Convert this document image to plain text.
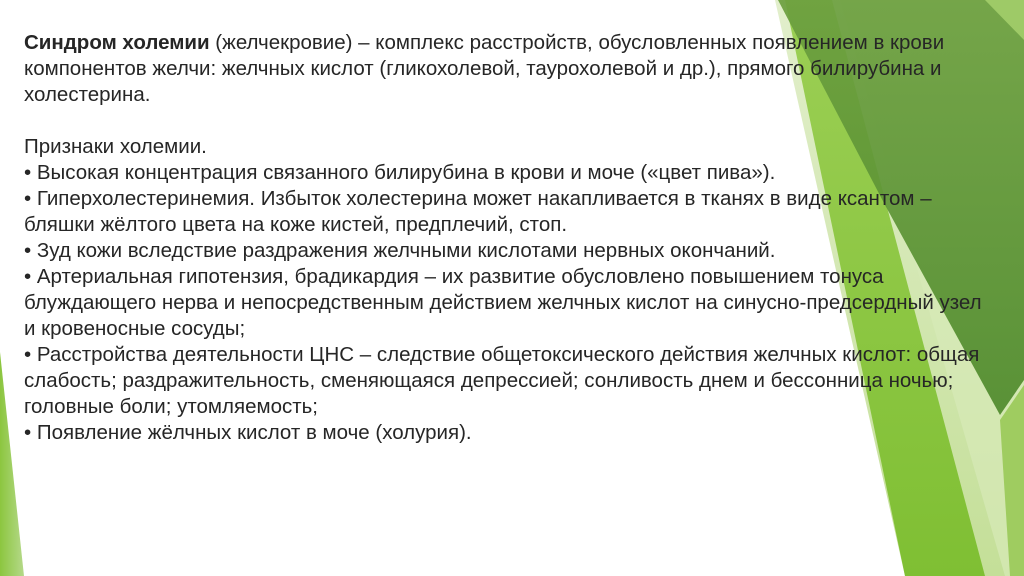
Синдром холемии (желчекровие) – комплекс расстройств, обусловленных появлением в крови компонентов желчи: желчных кислот (гликохолевой, таурохолевой и др.), прямого билирубина и холестерина.

Признаки холемии.

• Высокая концентрация связанного билирубина в крови и моче («цвет пива»).

• Гиперхолестеринемия. Избыток холестерина может накапливается в тканях в виде ксантом – бляшки жёлтого цвета на коже кистей, предплечий, стоп.

• Зуд кожи вследствие раздражения желчными кислотами нервных окончаний.

• Артериальная гипотензия, брадикардия – их развитие обусловлено повышением тонуса блуждающего нерва и непосредственным действием желчных кислот на синусно-предсердный узел и кровеносные сосуды;

• Расстройства деятельности ЦНС – следствие общетоксического действия желчных кислот: общая слабость; раздражительность, сменяющаяся депрессией; сонливость днем и бессонница ночью; головные боли; утомляемость;

• Появление жёлчных кислот в моче (холурия).
